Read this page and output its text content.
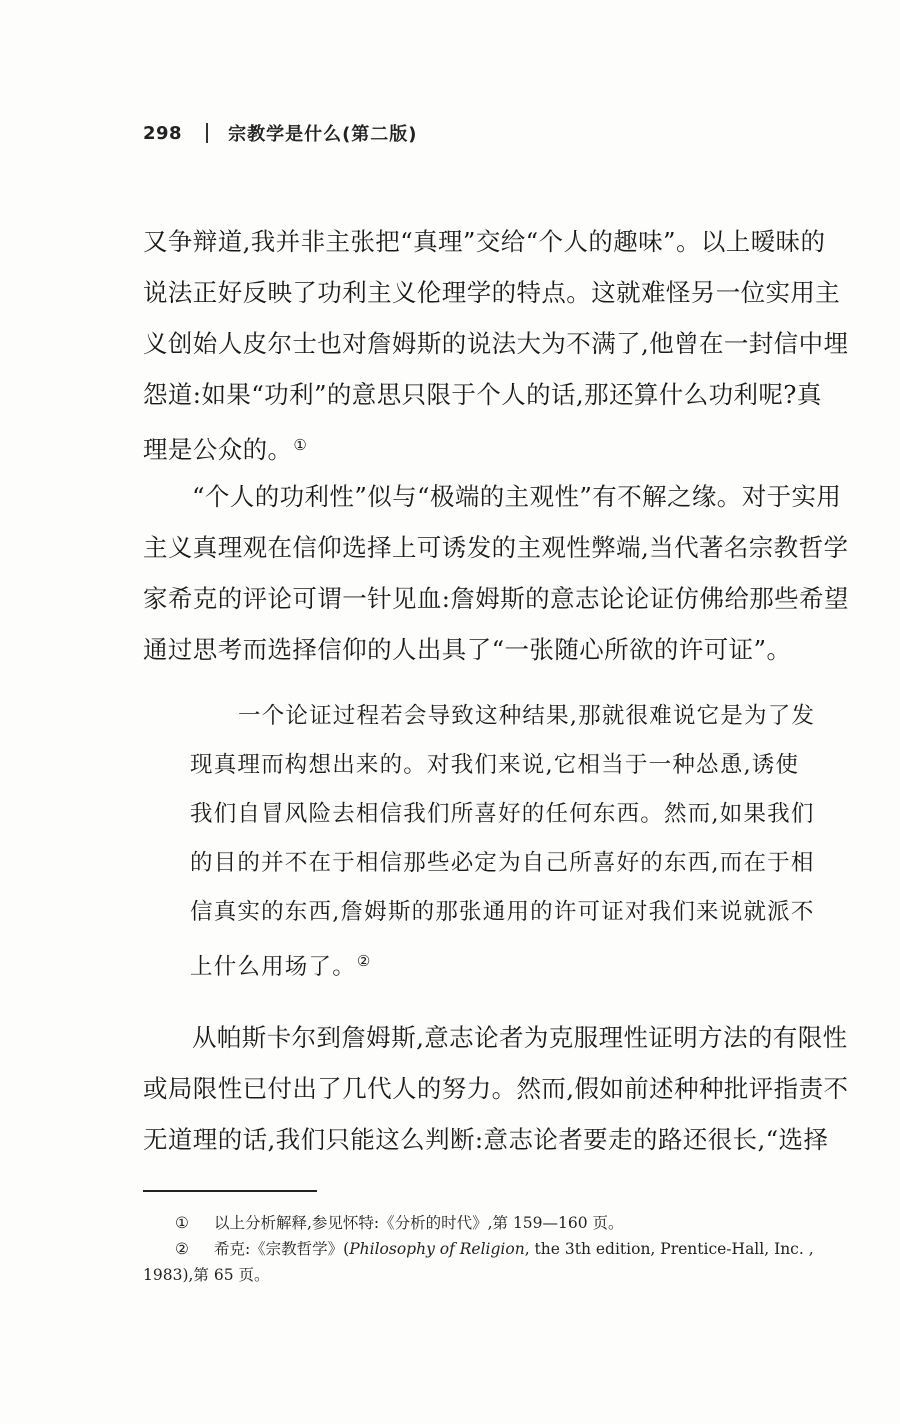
298	宗教学是什么(第二版)
又争辩道,我并非主张把“真理”交给“个人的趣味”。以上暧昧的
说法正好反映了功利主义伦理学的特点。这就难怪另一位实用主
义创始人皮尔士也对詹姆斯的说法大为不满了,他曾在一封信中埋
怨道:如果“功利”的意思只限于个人的话,那还算什么功利呢?真
理是公众的。①
“个人的功利性”似与“极端的主观性”有不解之缘。对于实用
主义真理观在信仰选择上可诱发的主观性弊端,当代著名宗教哲学
家希克的评论可谓一针见血:詹姆斯的意志论论证仿佛给那些希望
通过思考而选择信仰的人出具了“一张随心所欲的许可证”。
一个论证过程若会导致这种结果,那就很难说它是为了发
现真理而构想出来的。对我们来说,它相当于一种怂恿,诱使
我们自冒风险去相信我们所喜好的任何东西。然而,如果我们
的目的并不在于相信那些必定为自己所喜好的东西,而在于相
信真实的东西,詹姆斯的那张通用的许可证对我们来说就派不
上什么用场了。②
从帕斯卡尔到詹姆斯,意志论者为克服理性证明方法的有限性
或局限性已付出了几代人的努力。然而,假如前述种种批评指责不
无道理的话,我们只能这么判断:意志论者要走的路还很长,“选择
① 以上分析解释,参见怀特:《分析的时代》,第 159—160 页。
② 希克:《宗教哲学》(Philosophy of Religion, the 3th edition, Prentice-Hall, Inc. ,
1983),第 65 页。
